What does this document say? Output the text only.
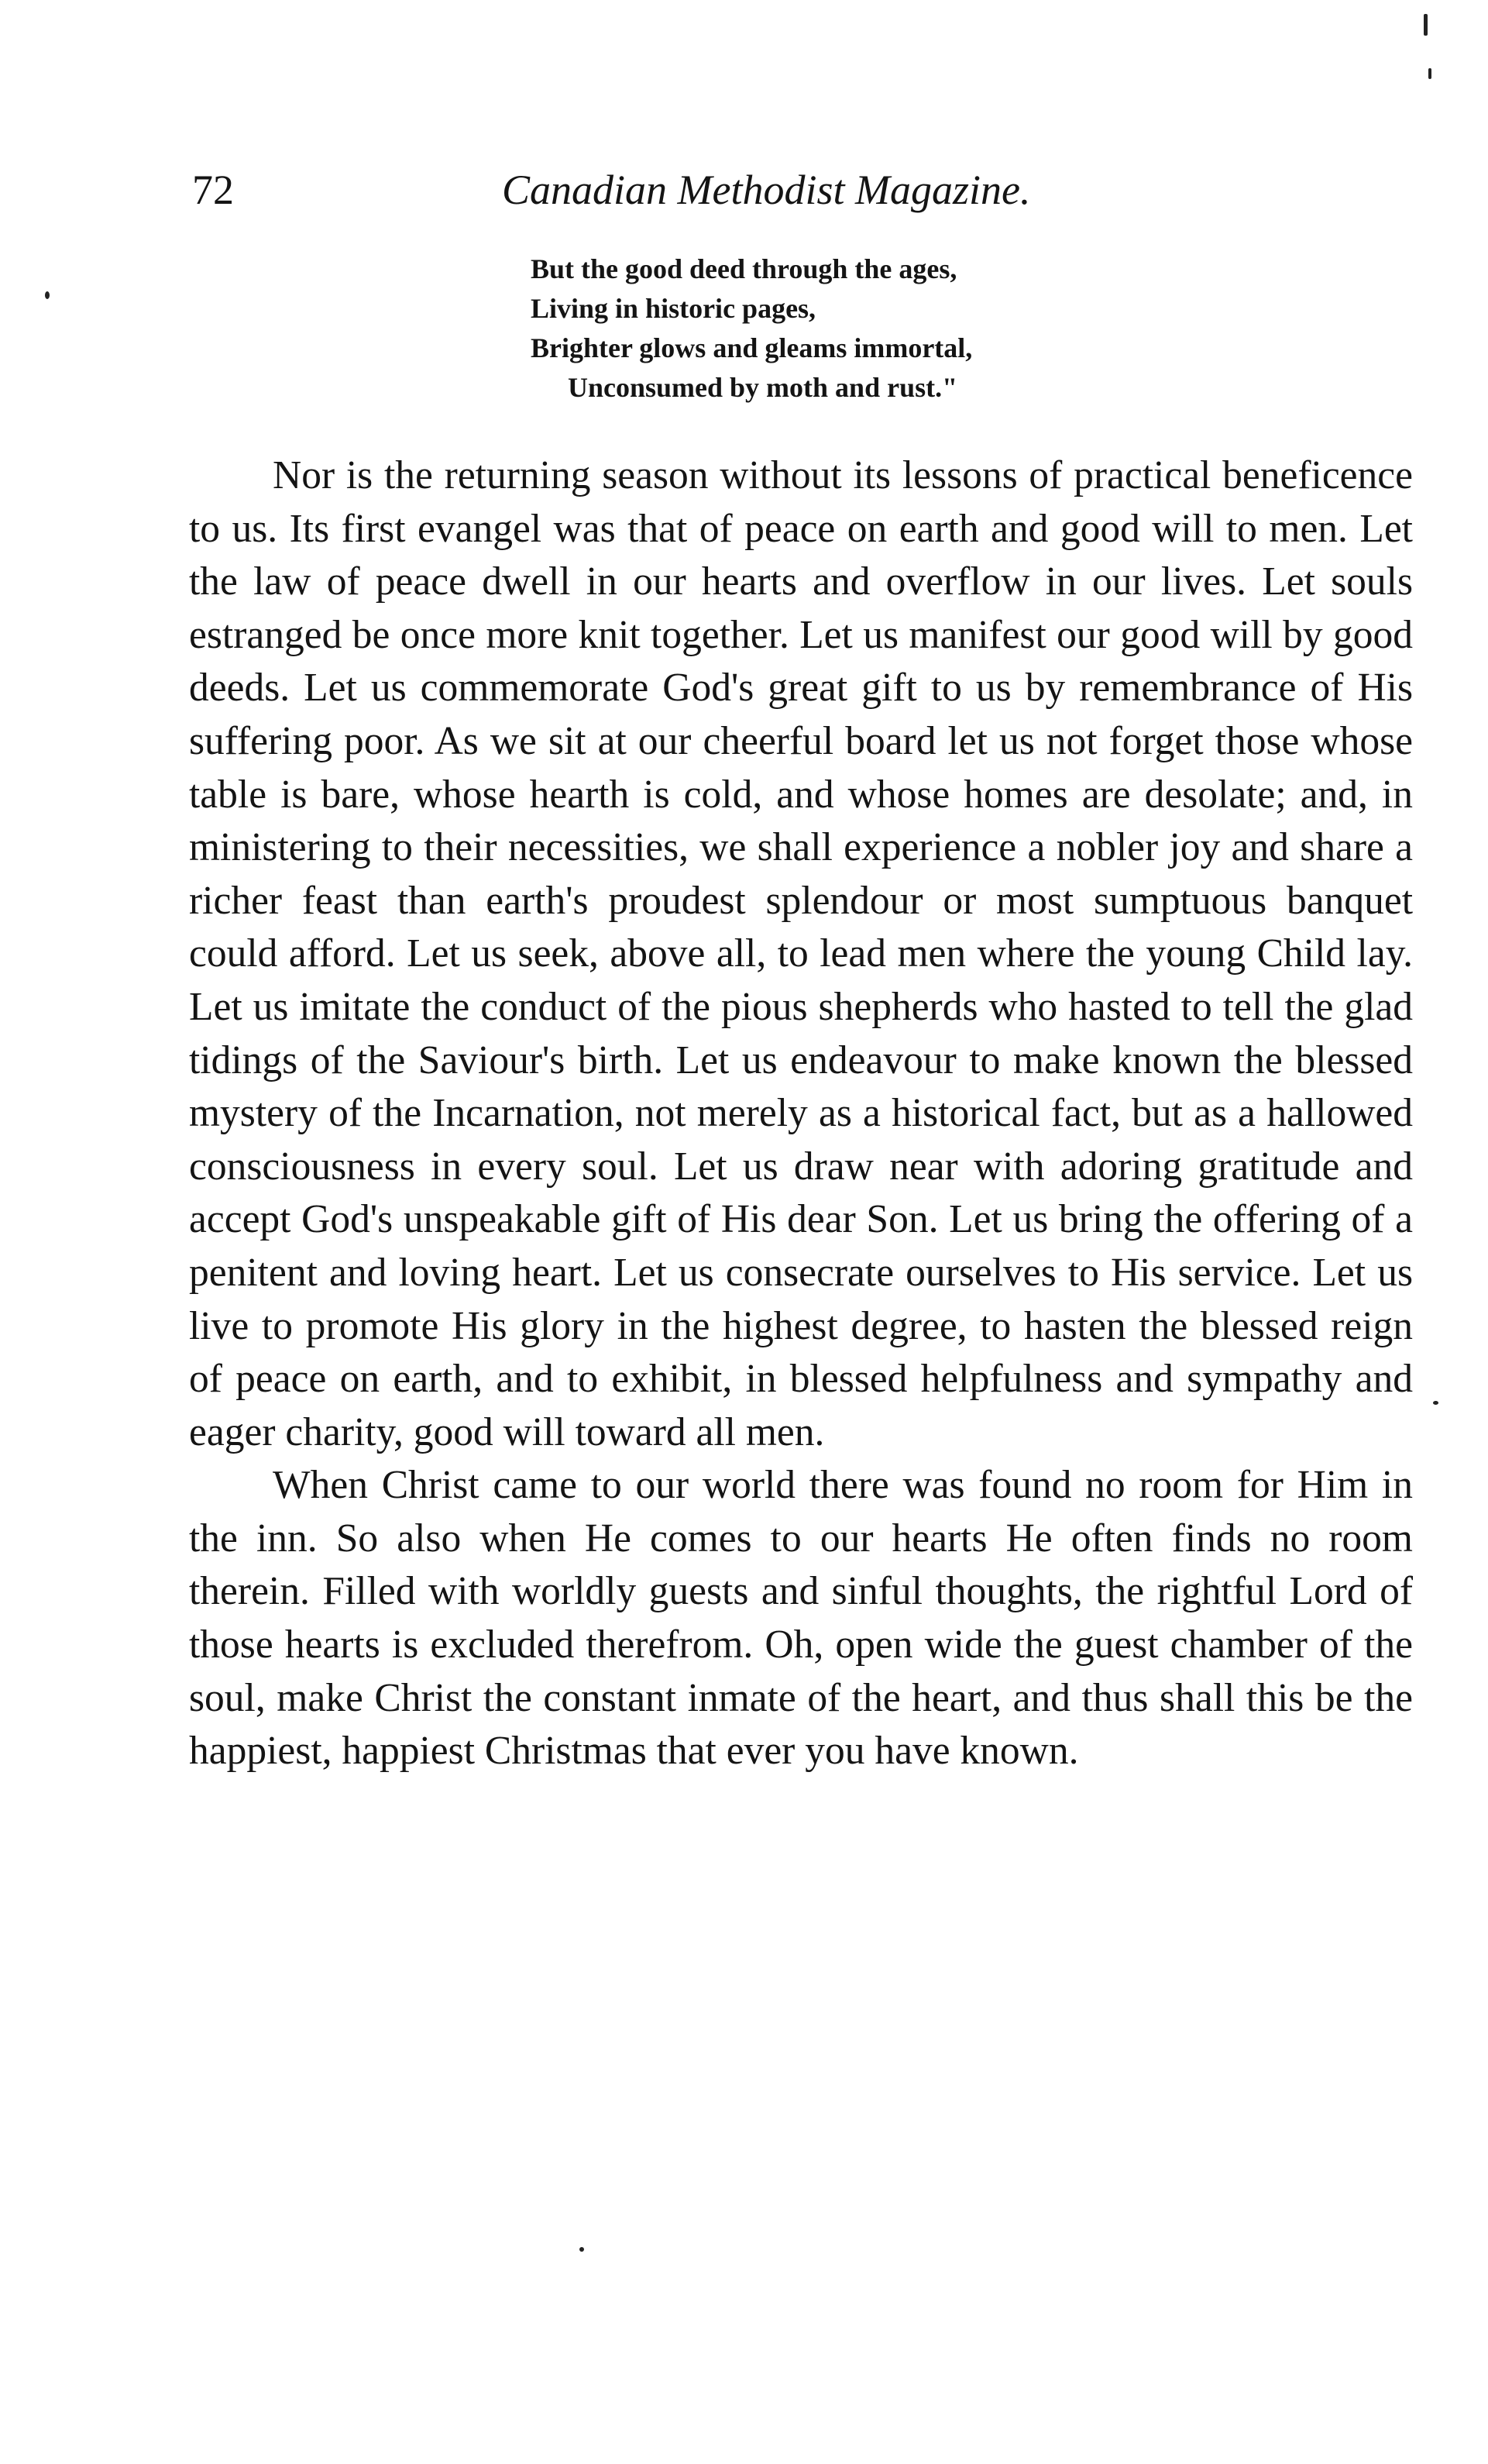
72	Canadian Methodist Magazine.
But the good deed through the ages,
Living in historic pages,
Brighter glows and gleams immortal,
Unconsumed by moth and rust."

Nor is the returning season without its lessons of practical beneficence to us. Its first evangel was that of peace on earth and good will to men. Let the law of peace dwell in our hearts and overflow in our lives. Let souls estranged be once more knit together. Let us manifest our good will by good deeds. Let us commemorate God's great gift to us by remembrance of His suffering poor. As we sit at our cheerful board let us not forget those whose table is bare, whose hearth is cold, and whose homes are desolate; and, in ministering to their necessities, we shall experience a nobler joy and share a richer feast than earth's proudest splendour or most sumptuous banquet could afford. Let us seek, above all, to lead men where the young Child lay. Let us imitate the conduct of the pious shepherds who hasted to tell the glad tidings of the Saviour's birth. Let us endeavour to make known the blessed mystery of the Incarnation, not merely as a historical fact, but as a hallowed consciousness in every soul. Let us draw near with adoring gratitude and accept God's unspeakable gift of His dear Son. Let us bring the offering of a penitent and loving heart. Let us consecrate ourselves to His service. Let us live to promote His glory in the highest degree, to hasten the blessed reign of peace on earth, and to exhibit, in blessed helpfulness and sympathy and eager charity, good will toward all men.

When Christ came to our world there was found no room for Him in the inn. So also when He comes to our hearts He often finds no room therein. Filled with worldly guests and sinful thoughts, the rightful Lord of those hearts is excluded therefrom. Oh, open wide the guest chamber of the soul, make Christ the constant inmate of the heart, and thus shall this be the happiest, happiest Christmas that ever you have known.
